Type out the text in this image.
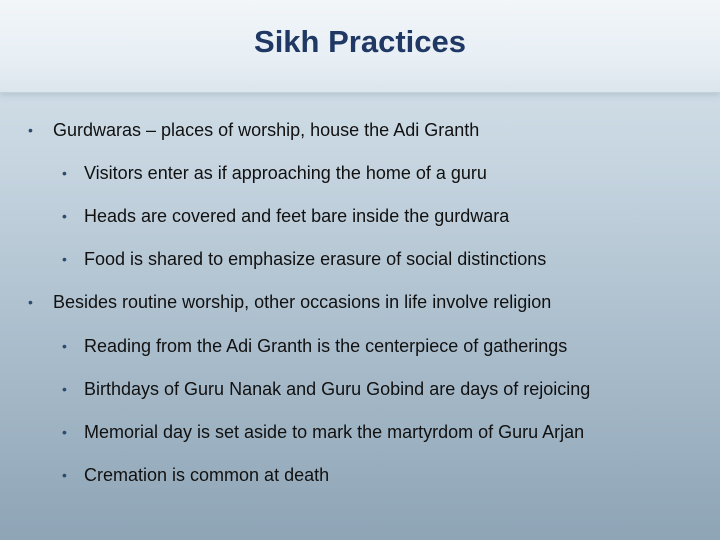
Sikh Practices
• Gurdwaras – places of worship, house the Adi Granth
• Visitors enter as if approaching the home of a guru
• Heads are covered and feet bare inside the gurdwara
• Food is shared to emphasize erasure of social distinctions
• Besides routine worship, other occasions in life involve religion
• Reading from the Adi Granth is the centerpiece of gatherings
• Birthdays of Guru Nanak and Guru Gobind are days of rejoicing
• Memorial day is set aside to mark the martyrdom of Guru Arjan
• Cremation is common at death
